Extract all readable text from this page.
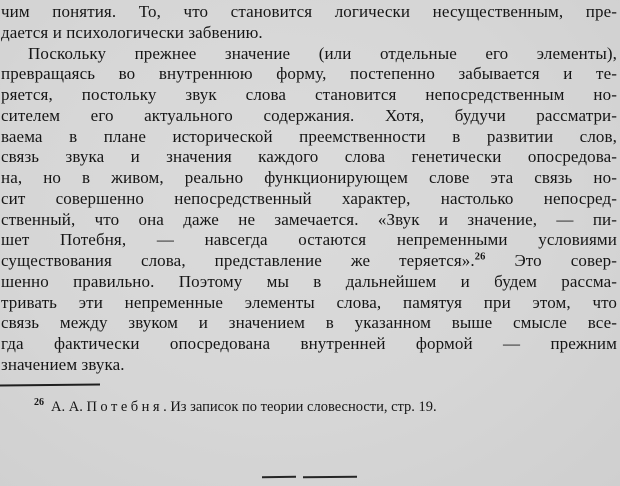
чим понятия. То, что становится логически несущественным, пре-
дается и психологически забвению.
Поскольку прежнее значение (или отдельные его элементы),
превращаясь во внутреннюю форму, постепенно забывается и те-
ряется, постольку звук слова становится непосредственным но-
сителем его актуального содержания. Хотя, будучи рассматри-
ваема в плане исторической преемственности в развитии слов,
связь звука и значения каждого слова генетически опосредова-
на, но в живом, реально функционирующем слове эта связь но-
сит совершенно непосредственный характер, настолько непосред-
ственный, что она даже не замечается. «Звук и значение, — пи-
шет Потебня, — навсегда остаются непременными условиями
существования слова, представление же теряется».$^{26}$ Это совер-
шенно правильно. Поэтому мы в дальнейшем и будем рассма-
тривать эти непременные элементы слова, памятуя при этом, что
связь между звуком и значением в указанном выше смысле все-
гда фактически опосредована внутренней формой — прежним
значением звука.
$^{26}$ А. А. Потебня. Из записок по теории словесности, стр. 19.
